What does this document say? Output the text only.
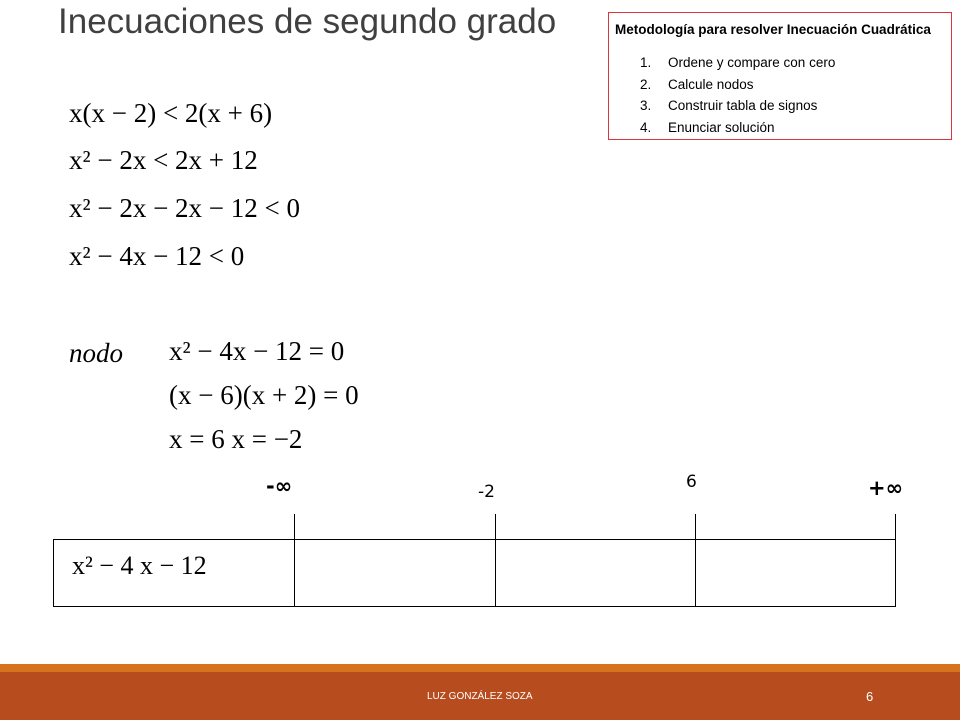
Inecuaciones de segundo grado	Metodología para resolver Inecuación Cuadrática
1. Ordene y compare con cero
2. Calcule nodos
3. Construir tabla de signos
4. Enunciar solución
x(x − 2) < 2(x + 6)
x² − 2x < 2x + 12
x² − 2x − 2x − 12 < 0
x² − 4x − 12 < 0
nodo x² − 4x − 12 = 0
(x − 6)(x + 2) = 0
x = 6 x = −2
-∞	-2	6	+∞
x² − 4 x − 12
LUZ GONZÁLEZ SOZA	6
